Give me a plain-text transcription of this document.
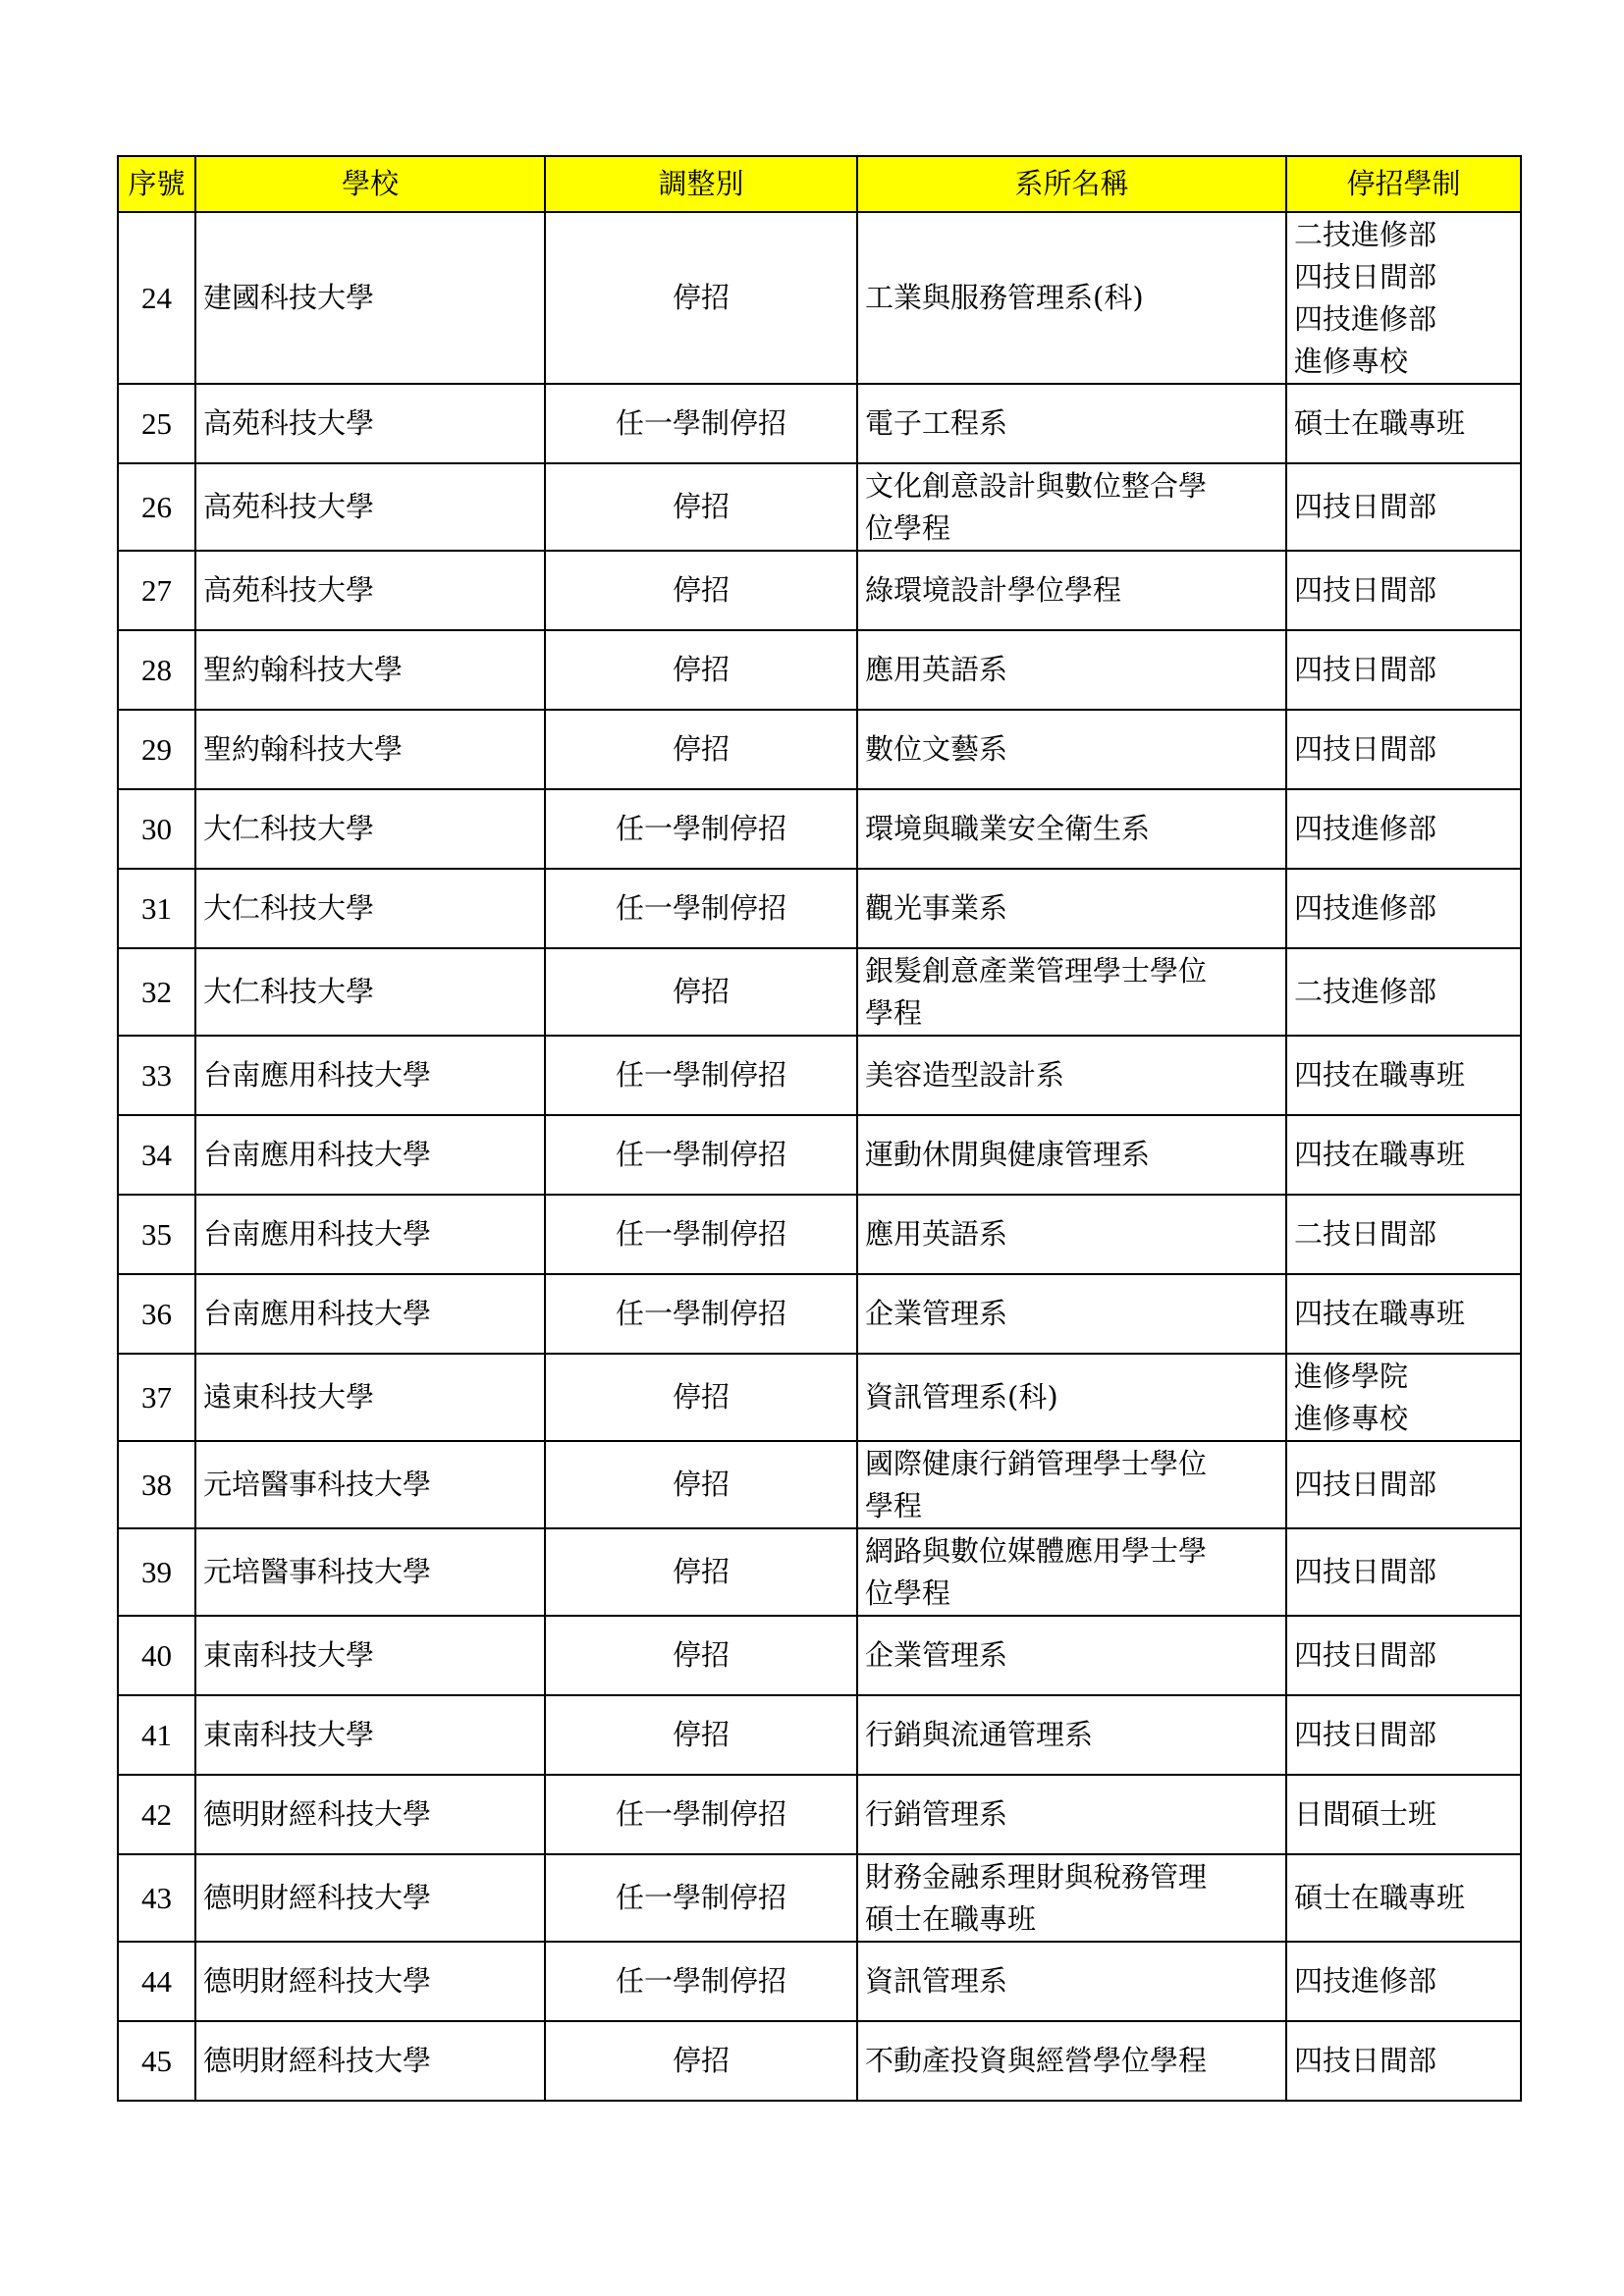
序號	學校	調整別	系所名稱	停招學制
24	建國科技大學	停招	工業與服務管理系(科)	二技進修部
四技日間部
四技進修部
進修專校

25	高苑科技大學	任一學制停招	電子工程系	碩士在職專班

26	高苑科技大學	停招	文化創意設計與數位整合學
位學程	四技日間部

27	高苑科技大學	停招	綠環境設計學位學程	四技日間部

28	聖約翰科技大學	停招	應用英語系	四技日間部

29	聖約翰科技大學	停招	數位文藝系	四技日間部

30	大仁科技大學	任一學制停招	環境與職業安全衛生系	四技進修部

31	大仁科技大學	任一學制停招	觀光事業系	四技進修部

32	大仁科技大學	停招	銀髮創意產業管理學士學位
學程	二技進修部

33	台南應用科技大學	任一學制停招	美容造型設計系	四技在職專班

34	台南應用科技大學	任一學制停招	運動休閒與健康管理系	四技在職專班

35	台南應用科技大學	任一學制停招	應用英語系	二技日間部

36	台南應用科技大學	任一學制停招	企業管理系	四技在職專班

37	遠東科技大學	停招	資訊管理系(科)	進修學院
進修專校

38	元培醫事科技大學	停招	國際健康行銷管理學士學位
學程	四技日間部

39	元培醫事科技大學	停招	網路與數位媒體應用學士學
位學程	四技日間部

40	東南科技大學	停招	企業管理系	四技日間部

41	東南科技大學	停招	行銷與流通管理系	四技日間部

42	德明財經科技大學	任一學制停招	行銷管理系	日間碩士班

43	德明財經科技大學	任一學制停招	財務金融系理財與稅務管理
碩士在職專班	碩士在職專班

44	德明財經科技大學	任一學制停招	資訊管理系	四技進修部

45	德明財經科技大學	停招	不動產投資與經營學位學程	四技日間部
